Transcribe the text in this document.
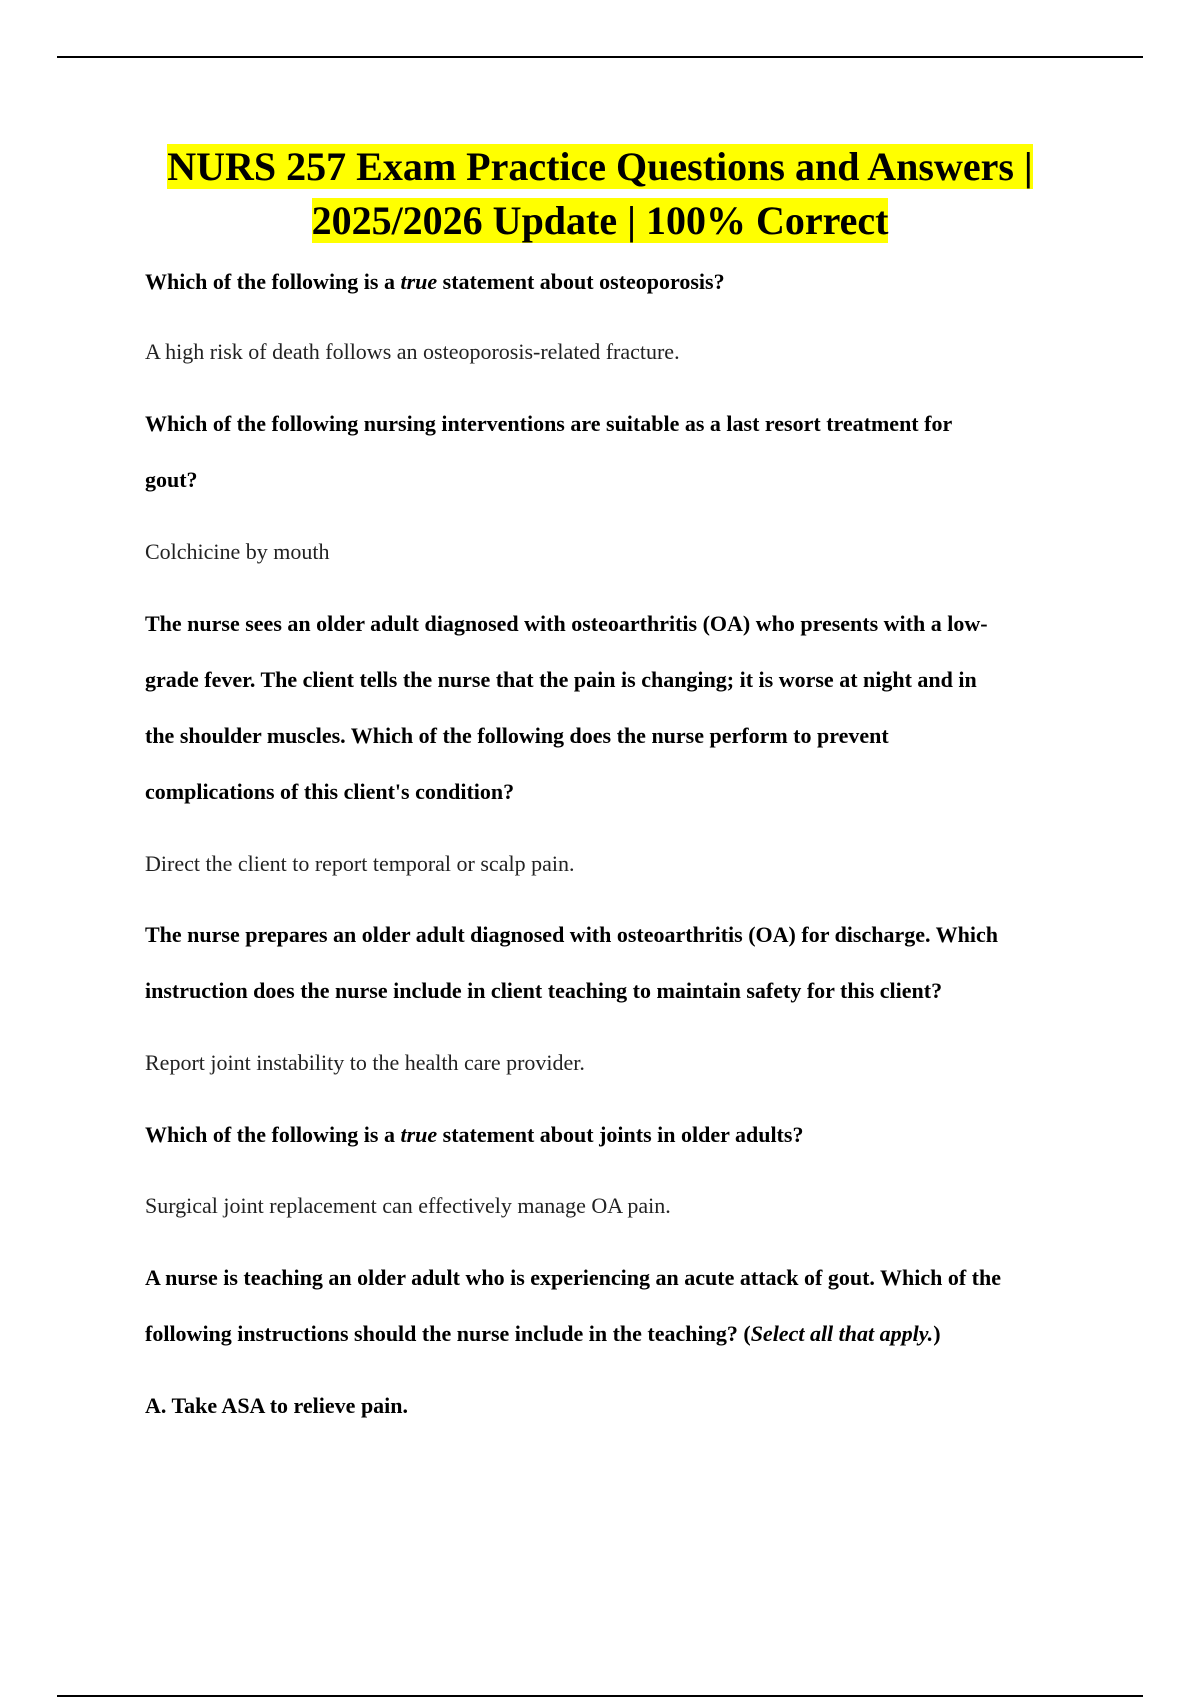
NURS 257 Exam Practice Questions and Answers |
2025/2026 Update | 100% Correct
Which of the following is a true statement about osteoporosis?
A high risk of death follows an osteoporosis-related fracture.
Which of the following nursing interventions are suitable as a last resort treatment for
gout?
Colchicine by mouth
The nurse sees an older adult diagnosed with osteoarthritis (OA) who presents with a low-
grade fever. The client tells the nurse that the pain is changing; it is worse at night and in
the shoulder muscles. Which of the following does the nurse perform to prevent
complications of this client's condition?
Direct the client to report temporal or scalp pain.
The nurse prepares an older adult diagnosed with osteoarthritis (OA) for discharge. Which
instruction does the nurse include in client teaching to maintain safety for this client?
Report joint instability to the health care provider.
Which of the following is a true statement about joints in older adults?
Surgical joint replacement can effectively manage OA pain.
A nurse is teaching an older adult who is experiencing an acute attack of gout. Which of the
following instructions should the nurse include in the teaching? (Select all that apply.)
A. Take ASA to relieve pain.
